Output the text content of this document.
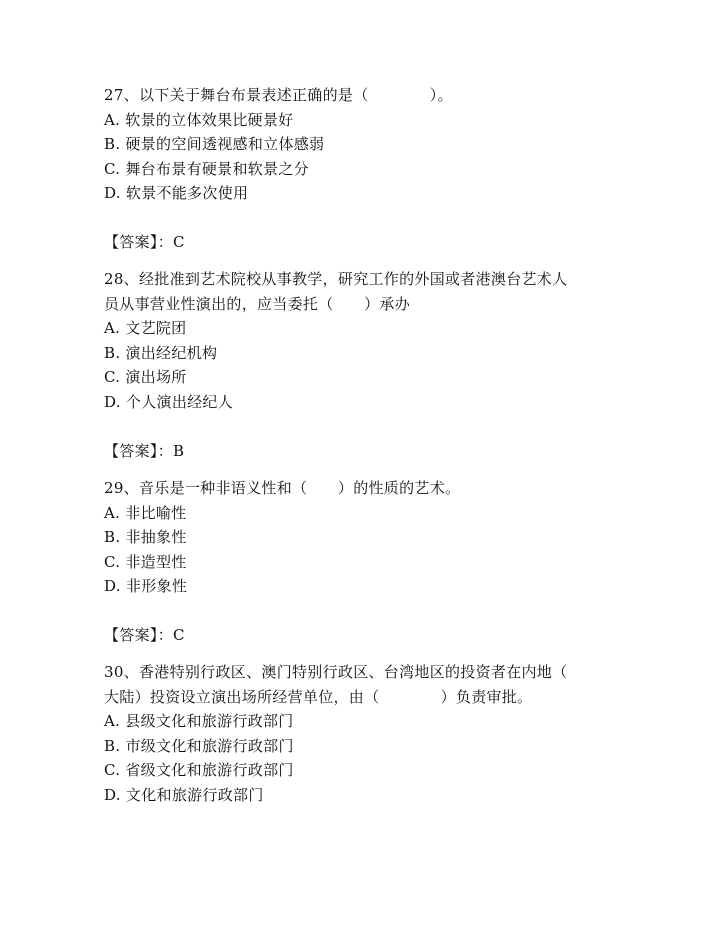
27、以下关于舞台布景表述正确的是（　　　　）。
A. 软景的立体效果比硬景好
B. 硬景的空间透视感和立体感弱
C. 舞台布景有硬景和软景之分
D. 软景不能多次使用
【答案】：C
28、经批准到艺术院校从事教学，研究工作的外国或者港澳台艺术人
员从事营业性演出的，应当委托（　　）承办
A. 文艺院团
B. 演出经纪机构
C. 演出场所
D. 个人演出经纪人
【答案】：B
29、音乐是一种非语义性和（　　）的性质的艺术。
A. 非比喻性
B. 非抽象性
C. 非造型性
D. 非形象性
【答案】：C
30、香港特别行政区、澳门特别行政区、台湾地区的投资者在内地（
大陆）投资设立演出场所经营单位，由（　　　　）负责审批。
A. 县级文化和旅游行政部门
B. 市级文化和旅游行政部门
C. 省级文化和旅游行政部门
D. 文化和旅游行政部门
